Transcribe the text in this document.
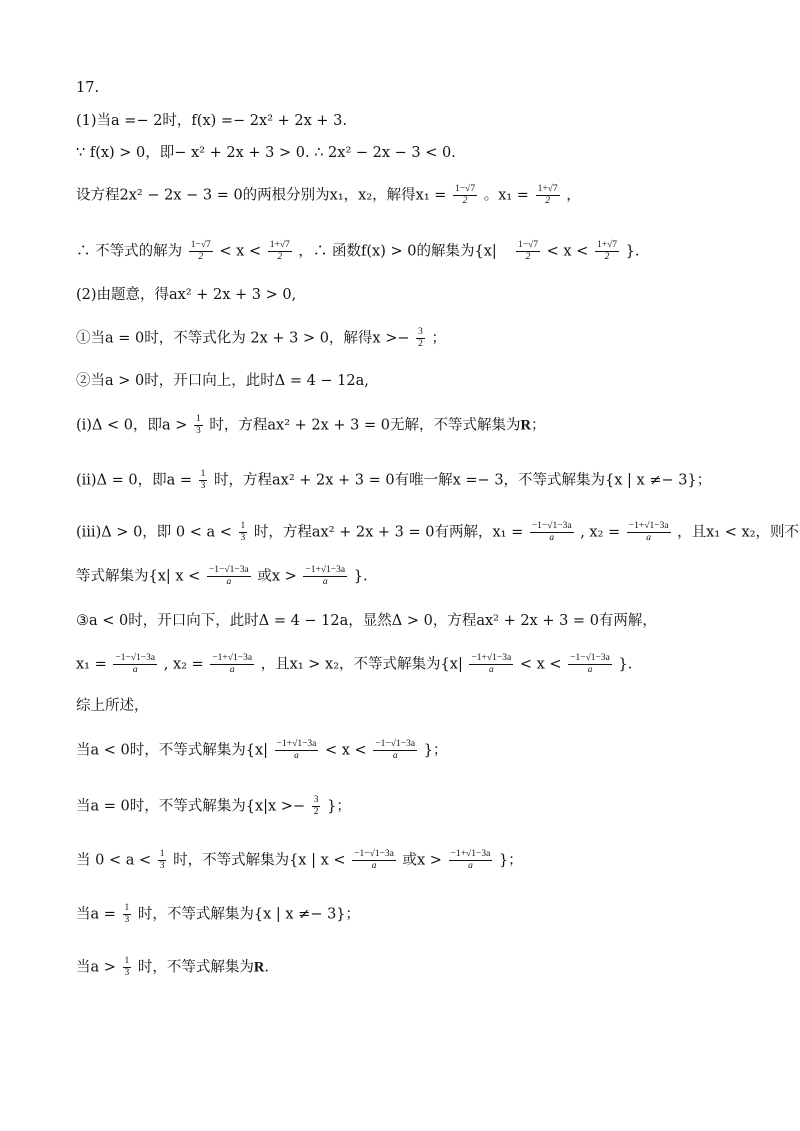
17.
(1)当a =− 2时，f(x) =− 2x² + 2x + 3.
∵ f(x) > 0，即− x² + 2x + 3 > 0. ∴ 2x² − 2x − 3 < 0.
设方程2x² − 2x − 3 = 0的两根分别为x₁，x₂，解得$x_1 = \frac{1-√7}{2}$ 。$x_1 = \frac{1+√7}{2}$ ，
∴ 不等式的解为 $\frac{1-√7}{2} < x < \frac{1+√7}{2}$ ，∴ 函数f(x) > 0的解集为{$x| \frac{1-√7}{2} < x < \frac{1+√7}{2}$ }.
(2)由题意，得ax² + 2x + 3 > 0,
①当a = 0时，不等式化为 2x + 3 > 0，解得$x >- \frac{3}{2}$ ；
②当a > 0时，开口向上，此时Δ = 4 − 12a,
(i)Δ < 0，即$a > \frac{1}{3}$ 时，方程ax² + 2x + 3 = 0无解，不等式解集为R；
(ii)Δ = 0，即$a = \frac{1}{3}$ 时，方程ax² + 2x + 3 = 0有唯一解x =− 3，不等式解集为{x | x ≠− 3}；
(iii)Δ > 0，即 $0 < a < \frac{1}{3}$ 时，方程ax² + 2x + 3 = 0有两解，$x_1 = \frac{-1-√1-3a}{a}$ , $x_2 = \frac{-1+√1-3a}{a}$ ，且x₁ < x₂，则不
等式解集为{x| $x < \frac{-1-√1-3a}{a}$ 或$x > \frac{-1+√1-3a}{a}$ }.
③a < 0时，开口向下，此时Δ = 4 − 12a，显然Δ > 0，方程ax² + 2x + 3 = 0有两解，
$x_1 = \frac{-1-√1-3a}{a}$ , $x_2 = \frac{-1+√1-3a}{a}$ ，且x₁ > x₂，不等式解集为{$x| \frac{-1+√1-3a}{a} < x < \frac{-1-√1-3a}{a}$ }.
综上所述，
当a < 0时，不等式解集为{$x| \frac{-1+√1-3a}{a} < x < \frac{-1-√1-3a}{a}$ }；
当a = 0时，不等式解集为{$x|x >- \frac{3}{2}$ }；
当 $0 < a < \frac{1}{3}$ 时，不等式解集为{x | $x < \frac{-1-√1-3a}{a}$ 或$x > \frac{-1+√1-3a}{a}$ }；
当$a = \frac{1}{3}$ 时，不等式解集为{x | x ≠− 3}；
当$a > \frac{1}{3}$ 时，不等式解集为R.
